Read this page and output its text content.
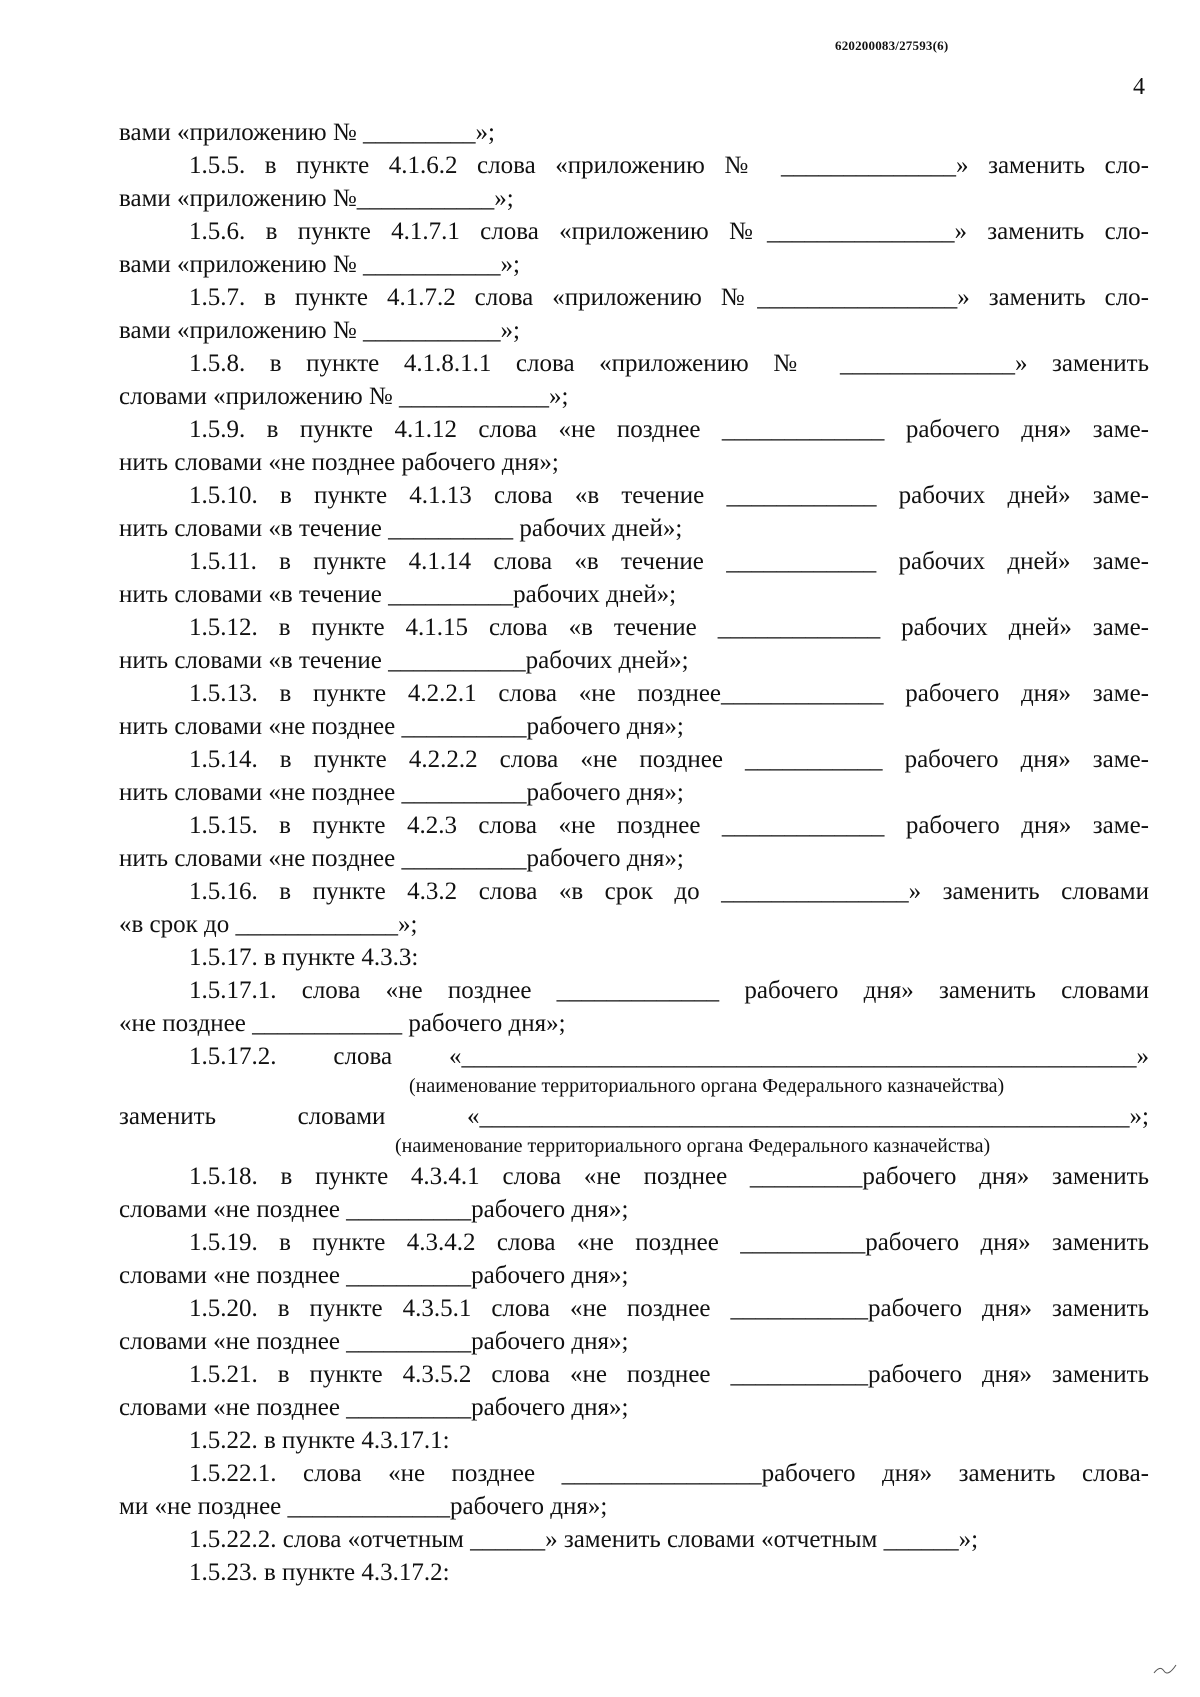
620200083/27593(6)
4
вами «приложению № _________»;
1.5.5. в пункте 4.1.6.2 слова «приложению № ______________» заменить сло-
вами «приложению №___________»;
1.5.6. в пункте 4.1.7.1 слова «приложению №_______________» заменить сло-
вами «приложению № ___________»;
1.5.7. в пункте 4.1.7.2 слова «приложению №________________» заменить сло-
вами «приложению № ___________»;
1.5.8. в пункте 4.1.8.1.1 слова «приложению № ______________» заменить
словами «приложению № ____________»;
1.5.9. в пункте 4.1.12 слова «не позднее _____________ рабочего дня» заме-
нить словами «не позднее рабочего дня»;
1.5.10. в пункте 4.1.13 слова «в течение ____________ рабочих дней» заме-
нить словами «в течение __________ рабочих дней»;
1.5.11. в пункте 4.1.14 слова «в течение ____________ рабочих дней» заме-
нить словами «в течение __________рабочих дней»;
1.5.12. в пункте 4.1.15 слова «в течение _____________ рабочих дней» заме-
нить словами «в течение ___________рабочих дней»;
1.5.13. в пункте 4.2.2.1 слова «не позднее_____________ рабочего дня» заме-
нить словами «не позднее __________рабочего дня»;
1.5.14. в пункте 4.2.2.2 слова «не позднее ___________ рабочего дня» заме-
нить словами «не позднее __________рабочего дня»;
1.5.15. в пункте 4.2.3 слова «не позднее _____________ рабочего дня» заме-
нить словами «не позднее __________рабочего дня»;
1.5.16. в пункте 4.3.2 слова «в срок до _______________» заменить словами
«в срок до _____________»;
1.5.17. в пункте 4.3.3:
1.5.17.1. слова «не позднее _____________ рабочего дня» заменить словами
«не позднее ____________ рабочего дня»;
1.5.17.2. слова «______________________________________________________»
(наименование территориального органа Федерального казначейства)
заменить словами «____________________________________________________»;
(наименование территориального органа Федерального казначейства)
1.5.18. в пункте 4.3.4.1 слова «не позднее _________рабочего дня» заменить
словами «не позднее __________рабочего дня»;
1.5.19. в пункте 4.3.4.2 слова «не позднее __________рабочего дня» заменить
словами «не позднее __________рабочего дня»;
1.5.20. в пункте 4.3.5.1 слова «не позднее ___________рабочего дня» заменить
словами «не позднее __________рабочего дня»;
1.5.21. в пункте 4.3.5.2 слова «не позднее ___________рабочего дня» заменить
словами «не позднее __________рабочего дня»;
1.5.22. в пункте 4.3.17.1:
1.5.22.1. слова «не позднее ________________рабочего дня» заменить слова-
ми «не позднее _____________рабочего дня»;
1.5.22.2. слова «отчетным ______» заменить словами «отчетным ______»;
1.5.23. в пункте 4.3.17.2:
